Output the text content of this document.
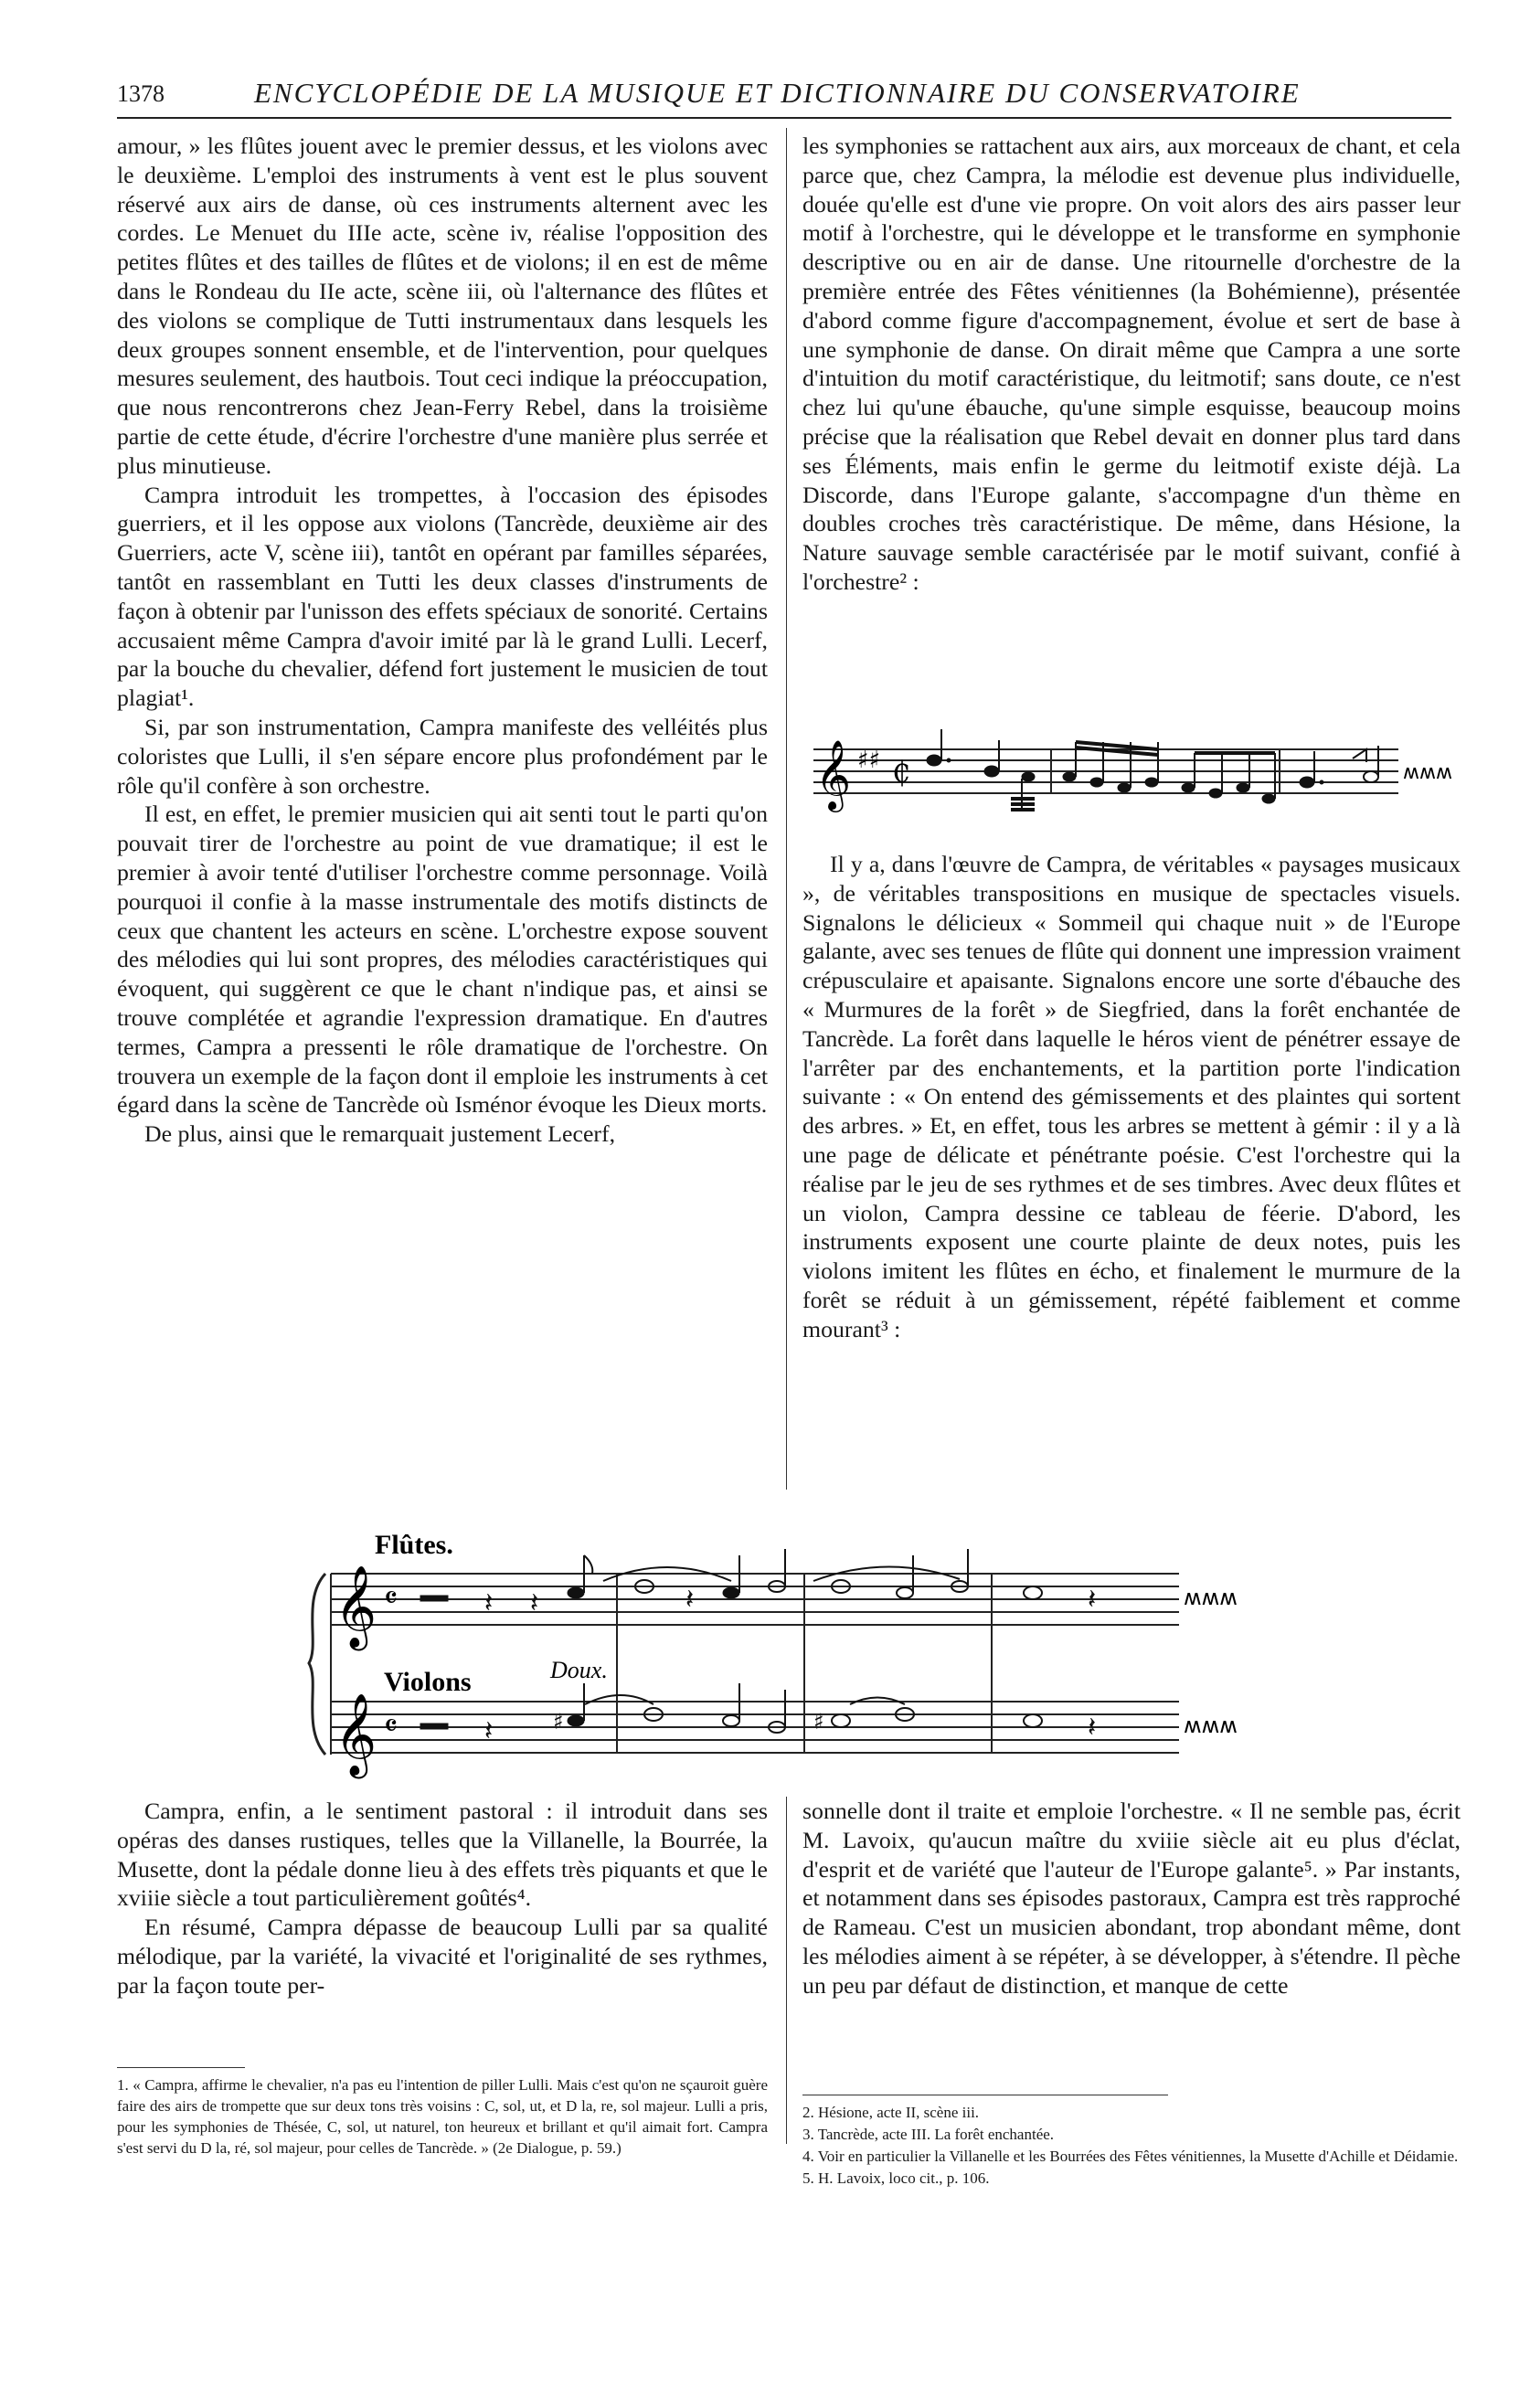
1378	ENCYCLOPÉDIE DE LA MUSIQUE ET DICTIONNAIRE DU CONSERVATOIRE

amour, » les flûtes jouent avec le premier dessus, et les violons avec le deuxième. L'emploi des instruments à vent est le plus souvent réservé aux airs de danse, où ces instruments alternent avec les cordes. Le Menuet du IIIe acte, scène iv, réalise l'opposition des petites flûtes et des tailles de flûtes et de violons; il en est de même dans le Rondeau du IIe acte, scène iii, où l'alternance des flûtes et des violons se complique de Tutti instrumentaux dans lesquels les deux groupes sonnent ensemble, et de l'intervention, pour quelques mesures seulement, des hautbois. Tout ceci indique la préoccupation, que nous rencontrerons chez Jean-Ferry Rebel, dans la troisième partie de cette étude, d'écrire l'orchestre d'une manière plus serrée et plus minutieuse.

Campra introduit les trompettes, à l'occasion des épisodes guerriers, et il les oppose aux violons (Tancrède, deuxième air des Guerriers, acte V, scène iii), tantôt en opérant par familles séparées, tantôt en rassemblant en Tutti les deux classes d'instruments de façon à obtenir par l'unisson des effets spéciaux de sonorité. Certains accusaient même Campra d'avoir imité par là le grand Lulli. Lecerf, par la bouche du chevalier, défend fort justement le musicien de tout plagiat¹.

Si, par son instrumentation, Campra manifeste des velléités plus coloristes que Lulli, il s'en sépare encore plus profondément par le rôle qu'il confère à son orchestre.

Il est, en effet, le premier musicien qui ait senti tout le parti qu'on pouvait tirer de l'orchestre au point de vue dramatique; il est le premier à avoir tenté d'utiliser l'orchestre comme personnage. Voilà pourquoi il confie à la masse instrumentale des motifs distincts de ceux que chantent les acteurs en scène. L'orchestre expose souvent des mélodies qui lui sont propres, des mélodies caractéristiques qui évoquent, qui suggèrent ce que le chant n'indique pas, et ainsi se trouve complétée et agrandie l'expression dramatique. En d'autres termes, Campra a pressenti le rôle dramatique de l'orchestre. On trouvera un exemple de la façon dont il emploie les instruments à cet égard dans la scène de Tancrède où Isménor évoque les Dieux morts.

De plus, ainsi que le remarquait justement Lecerf,

les symphonies se rattachent aux airs, aux morceaux de chant, et cela parce que, chez Campra, la mélodie est devenue plus individuelle, douée qu'elle est d'une vie propre. On voit alors des airs passer leur motif à l'orchestre, qui le développe et le transforme en symphonie descriptive ou en air de danse. Une ritournelle d'orchestre de la première entrée des Fêtes vénitiennes (la Bohémienne), présentée d'abord comme figure d'accompagnement, évolue et sert de base à une symphonie de danse. On dirait même que Campra a une sorte d'intuition du motif caractéristique, du leitmotif; sans doute, ce n'est chez lui qu'une ébauche, qu'une simple esquisse, beaucoup moins précise que la réalisation que Rebel devait en donner plus tard dans ses Éléments, mais enfin le germe du leitmotif existe déjà. La Discorde, dans l'Europe galante, s'accompagne d'un thème en doubles croches très caractéristique. De même, dans Hésione, la Nature sauvage semble caractérisée par le motif suivant, confié à l'orchestre² :

𝄞 ♯♯ ₵	ʍʍʍ

Il y a, dans l'œuvre de Campra, de véritables « paysages musicaux », de véritables transpositions en musique de spectacles visuels. Signalons le délicieux « Sommeil qui chaque nuit » de l'Europe galante, avec ses tenues de flûte qui donnent une impression vraiment crépusculaire et apaisante. Signalons encore une sorte d'ébauche des « Murmures de la forêt » de Siegfried, dans la forêt enchantée de Tancrède. La forêt dans laquelle le héros vient de pénétrer essaye de l'arrêter par des enchantements, et la partition porte l'indication suivante : « On entend des gémissements et des plaintes qui sortent des arbres. » Et, en effet, tous les arbres se mettent à gémir : il y a là une page de délicate et pénétrante poésie. C'est l'orchestre qui la réalise par le jeu de ses rythmes et de ses timbres. Avec deux flûtes et un violon, Campra dessine ce tableau de féerie. D'abord, les instruments exposent une courte plainte de deux notes, puis les violons imitent les flûtes en écho, et finalement le murmure de la forêt se réduit à un gémissement, répété faiblement et comme mourant³ :

Flûtes.
Violons	Doux.
𝄞
𝄞
𝄴
𝄴
𝄽 𝄽	𝄽	𝄽
𝄽	♯	♯	𝄽
ʍʍʍ
ʍʍʍ

Campra, enfin, a le sentiment pastoral : il introduit dans ses opéras des danses rustiques, telles que la Villanelle, la Bourrée, la Musette, dont la pédale donne lieu à des effets très piquants et que le xviiie siècle a tout particulièrement goûtés⁴.

En résumé, Campra dépasse de beaucoup Lulli par sa qualité mélodique, par la variété, la vivacité et l'originalité de ses rythmes, par la façon toute per-

sonnelle dont il traite et emploie l'orchestre. « Il ne semble pas, écrit M. Lavoix, qu'aucun maître du xviiie siècle ait eu plus d'éclat, d'esprit et de variété que l'auteur de l'Europe galante⁵. » Par instants, et notamment dans ses épisodes pastoraux, Campra est très rapproché de Rameau. C'est un musicien abondant, trop abondant même, dont les mélodies aiment à se répéter, à se développer, à s'étendre. Il pèche un peu par défaut de distinction, et manque de cette

1. « Campra, affirme le chevalier, n'a pas eu l'intention de piller Lulli. Mais c'est qu'on ne sçauroit guère faire des airs de trompette que sur deux tons très voisins : C, sol, ut, et D la, re, sol majeur. Lulli a pris, pour les symphonies de Thésée, C, sol, ut naturel, ton heureux et brillant et qu'il aimait fort. Campra s'est servi du D la, ré, sol majeur, pour celles de Tancrède. » (2e Dialogue, p. 59.)

2. Hésione, acte II, scène iii.

3. Tancrède, acte III. La forêt enchantée.

4. Voir en particulier la Villanelle et les Bourrées des Fêtes vénitiennes, la Musette d'Achille et Déidamie.

5. H. Lavoix, loco cit., p. 106.
